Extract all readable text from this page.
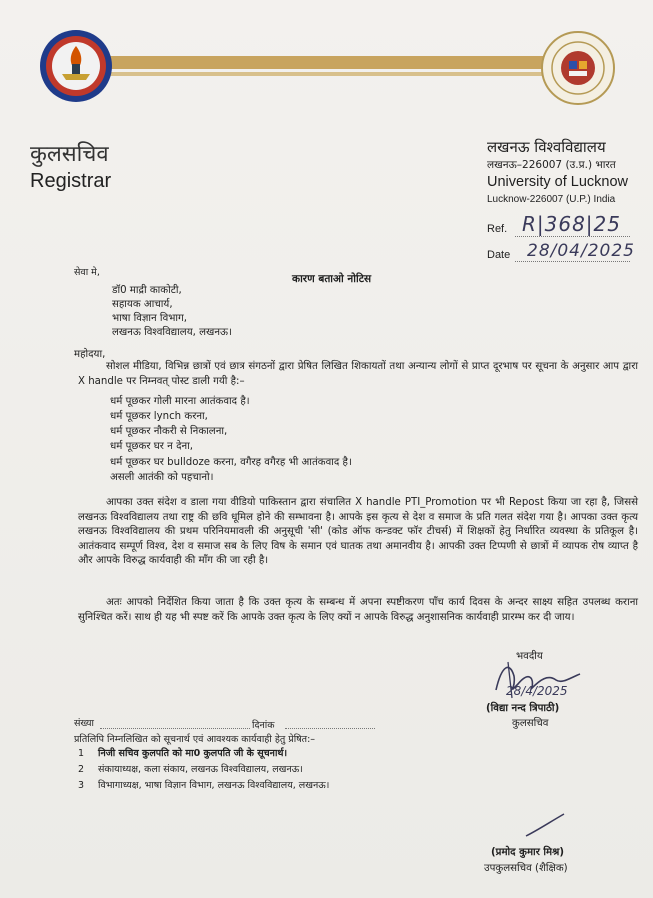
कुलसचिव
Registrar
लखनऊ विश्वविद्यालय
लखनऊ–226007 (उ.प्र.) भारत
University of Lucknow
Lucknow-226007 (U.P.) India
Ref. R|368|25
Date 28/04/2025
कारण बताओ नोटिस
सेवा मे,
डॉ0 माद्री काकोटी,
सहायक आचार्य,
भाषा विज्ञान विभाग,
लखनऊ विश्वविद्यालय, लखनऊ।
महोदया,
सोशल मीडिया, विभिन्न छात्रों एवं छात्र संगठनों द्वारा प्रेषित लिखित शिकायतों तथा अन्यान्य लोगों से प्राप्त दूरभाष पर सूचना के अनुसार आप द्वारा X handle पर निम्नवत् पोस्ट डाली गयी है:–
धर्म पूछकर गोली मारना आतंकवाद है।
धर्म पूछकर lynch करना,
धर्म पूछकर नौकरी से निकालना,
धर्म पूछकर घर न देना,
धर्म पूछकर घर bulldoze करना, वगैरह वगैरह भी आतंकवाद है।
असली आतंकी को पहचानो।
आपका उक्त संदेश व डाला गया वीडियो पाकिस्तान द्वारा संचालित X handle PTI_Promotion पर भी Repost किया जा रहा है, जिससे लखनऊ विश्वविद्यालय तथा राष्ट्र की छवि धूमिल होने की सम्भावना है। आपके इस कृत्य से देश व समाज के प्रति गलत संदेश गया है। आपका उक्त कृत्य लखनऊ विश्वविद्यालय की प्रथम परिनियमावली की अनुसूची 'सी' (कोड ऑफ कन्डक्ट फॉर टीचर्स) में शिक्षकों हेतु निर्धारित व्यवस्था के प्रतिकूल है। आतंकवाद सम्पूर्ण विश्व, देश व समाज सब के लिए विष के समान एवं घातक तथा अमानवीय है। आपकी उक्त टिप्पणी से छात्रों में व्यापक रोष व्याप्त है और आपके विरुद्ध कार्यवाही की माँग की जा रही है।
अतः आपको निर्देशित किया जाता है कि उक्त कृत्य के सम्बन्ध में अपना स्पष्टीकरण पाँच कार्य दिवस के अन्दर साक्ष्य सहित उपलब्ध कराना सुनिश्चित करें। साथ ही यह भी स्पष्ट करें कि आपके उक्त कृत्य के लिए क्यों न आपके विरुद्ध अनुशासनिक कार्यवाही प्रारम्भ कर दी जाय।
भवदीय
28/4/2025
(विद्या नन्द त्रिपाठी)
कुलसचिव
संख्या	दिनांक
प्रतिलिपि निम्नलिखित को सूचनार्थ एवं आवश्यक कार्यवाही हेतु प्रेषित:–
1 निजी सचिव कुलपति को मा0 कुलपति जी के सूचनार्थ।
2 संकायाध्यक्ष, कला संकाय, लखनऊ विश्वविद्यालय, लखनऊ।
3 विभागाध्यक्ष, भाषा विज्ञान विभाग, लखनऊ विश्वविद्यालय, लखनऊ।
(प्रमोद कुमार मिश्र)
उपकुलसचिव (शैक्षिक)
